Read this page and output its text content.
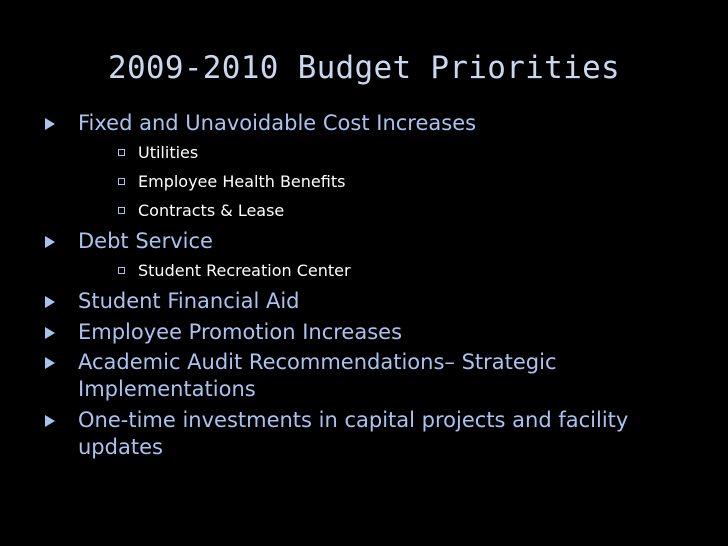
2009-2010 Budget Priorities
Fixed and Unavoidable Cost Increases
Utilities
Employee Health Benefits
Contracts & Lease
Debt Service
Student Recreation Center
Student Financial Aid
Employee Promotion Increases
Academic Audit Recommendations– Strategic Implementations
One-time investments in capital projects and facility updates
